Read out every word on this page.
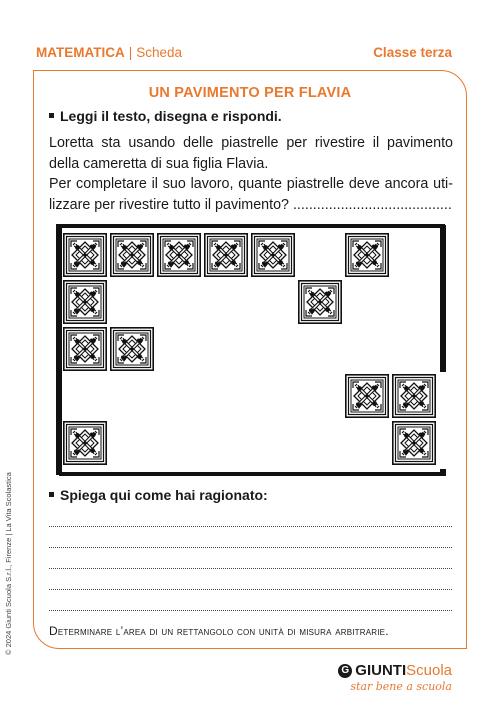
MATEMATICA | Scheda	Classe terza
UN PAVIMENTO PER FLAVIA
Leggi il testo, disegna e rispondi.
Loretta sta usando delle piastrelle per rivestire il pavimento
della cameretta di sua figlia Flavia.
Per completare il suo lavoro, quante piastrelle deve ancora uti-
lizzare per rivestire tutto il pavimento? ........................................
Spiega qui come hai ragionato:
Determinare l’area di un rettangolo con unità di misura arbitrarie.
© 2024 Giunti Scuola S.r.l., Firenze | La Vita Scolastica
G GIUNTI Scuola
star bene a scuola
